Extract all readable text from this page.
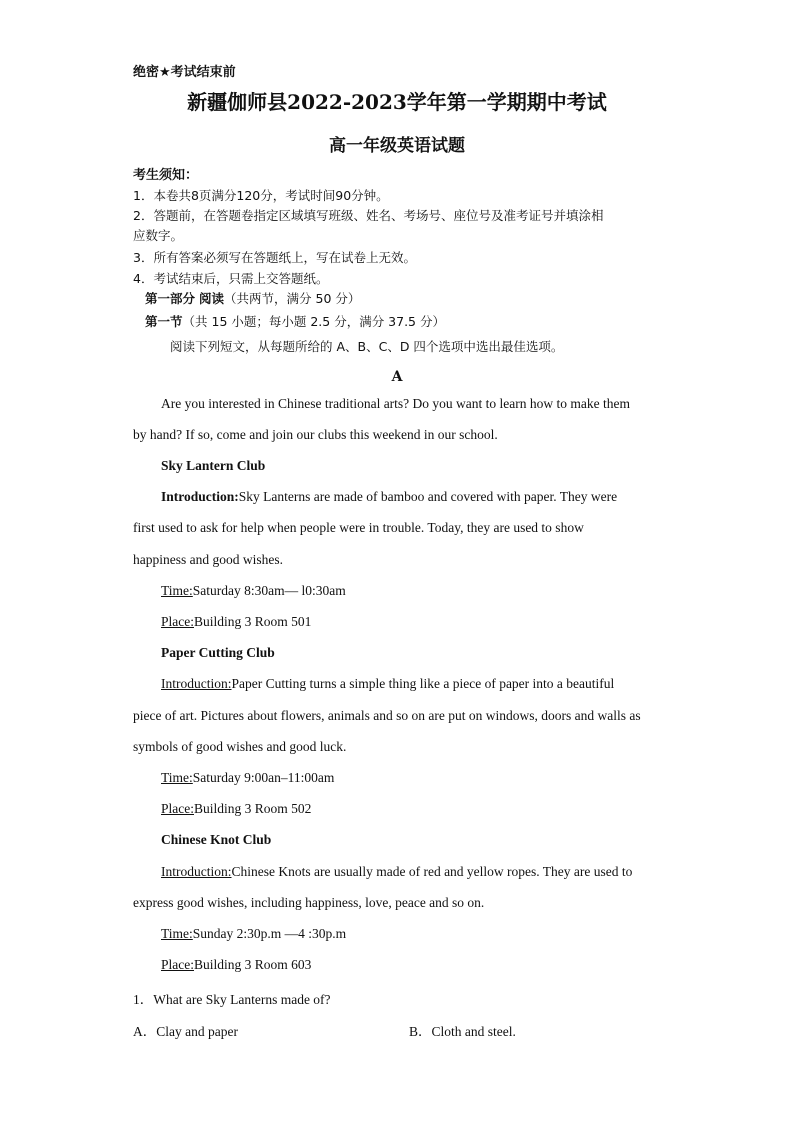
绝密★考试结束前
新疆伽师县2022-2023学年第一学期期中考试
高一年级英语试题
考生须知：
1．本卷共8页满分120分，考试时间90分钟。
2．答题前，在答题卷指定区域填写班级、姓名、考场号、座位号及准考证号并填涂相
应数字。
3．所有答案必须写在答题纸上，写在试卷上无效。
4．考试结束后，只需上交答题纸。
第一部分 阅读（共两节，满分 50 分）
第一节（共 15 小题；每小题 2.5 分，满分 37.5 分）
阅读下列短文，从每题所给的 A、B、C、D 四个选项中选出最佳选项。
A
Are you interested in Chinese traditional arts? Do you want to learn how to make them
by hand? If so, come and join our clubs this weekend in our school.
Sky Lantern Club
Introduction:Sky Lanterns are made of bamboo and covered with paper. They were
first used to ask for help when people were in trouble. Today, they are used to show
happiness and good wishes.
Time:Saturday 8:30am— l0:30am
Place:Building 3 Room 501
Paper Cutting Club
Introduction:Paper Cutting turns a simple thing like a piece of paper into a beautiful
piece of art. Pictures about flowers, animals and so on are put on windows, doors and walls as
symbols of good wishes and good luck.
Time:Saturday 9:00an–11:00am
Place:Building 3 Room 502
Chinese Knot Club
Introduction:Chinese Knots are usually made of red and yellow ropes. They are used to
express good wishes, including happiness, love, peace and so on.
Time:Sunday 2:30p.m —4 :30p.m
Place:Building 3 Room 603
1．What are Sky Lanterns made of?
A．Clay and paper	B．Cloth and steel.
